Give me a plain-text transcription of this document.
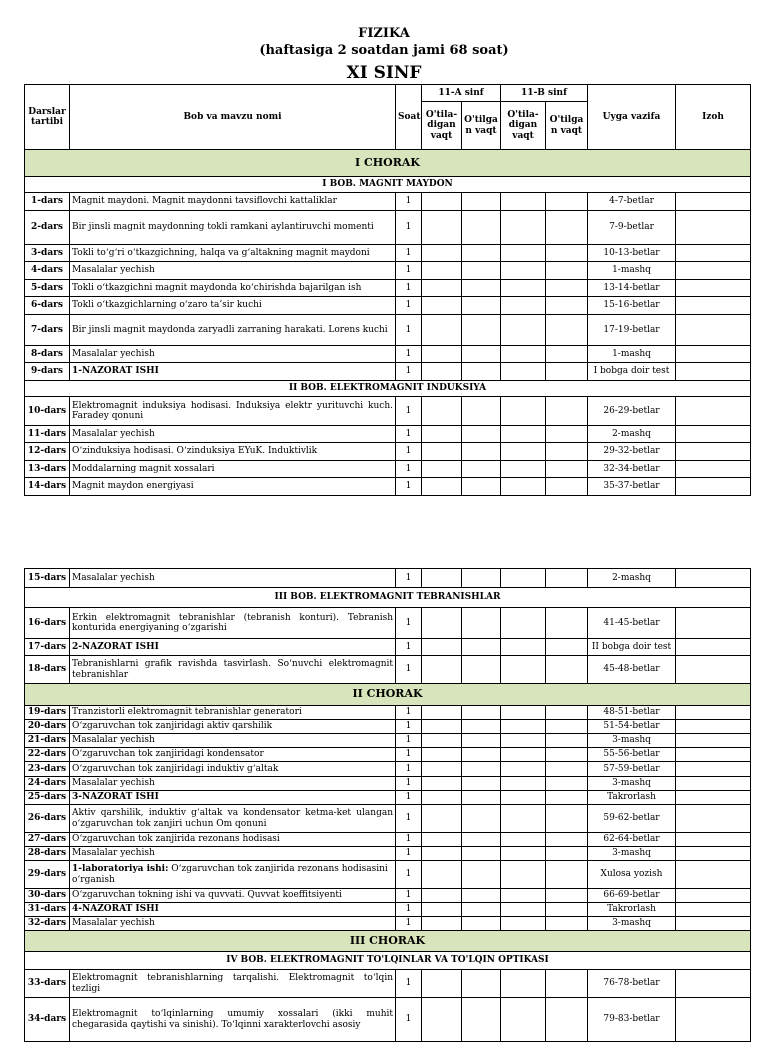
FIZIKA
(haftasiga 2 soatdan jami 68 soat)
XI SINF
Darslar tartibi	Bob va mavzu nomi	Soat	11-A sinf		11-B sinf		Uyga vazifa	Izoh
			O'tila-digan vaqt	O'tilga n vaqt	O'tila-digan vaqt	O'tilga n vaqt		
I CHORAK								
I BOB. MAGNIT MAYDON								
1-dars	Magnit maydoni. Magnit maydonni tavsiflovchi kattaliklar	1					4-7-betlar	
2-dars	Bir jinsli magnit maydonning tokli ramkani aylantiruvchi momenti	1					7-9-betlar	
3-dars	Tokli to‘g‘ri o‘tkazgichning, halqa va g‘altakning magnit maydoni	1					10-13-betlar	
4-dars	Masalalar yechish	1					1-mashq	
5-dars	Tokli o‘tkazgichni magnit maydonda ko‘chirishda bajarilgan ish	1					13-14-betlar	
6-dars	Tokli o‘tkazgichlarning o‘zaro ta’sir kuchi	1					15-16-betlar	
7-dars	Bir jinsli magnit maydonda zaryadli zarraning harakati. Lorens kuchi	1					17-19-betlar	
8-dars	Masalalar yechish	1					1-mashq	
9-dars	1-NAZORAT ISHI	1					I bobga doir test	
II BOB. ELEKTROMAGNIT INDUKSIYA								
10-dars	Elektromagnit induksiya hodisasi. Induksiya elektr yurituvchi kuch. Faradey qonuni	1					26-29-betlar	
11-dars	Masalalar yechish	1					2-mashq	
12-dars	O‘zinduksiya hodisasi. O‘zinduksiya EYuK. Induktivlik	1					29-32-betlar	
13-dars	Moddalarning magnit xossalari	1					32-34-betlar	
14-dars	Magnit maydon energiyasi	1					35-37-betlar	
15-dars	Masalalar yechish	1					2-mashq	
III BOB. ELEKTROMAGNIT TEBRANISHLAR								
16-dars	Erkin elektromagnit tebranishlar (tebranish konturi). Tebranish konturida energiyaning o‘zgarishi	1					41-45-betlar	
17-dars	2-NAZORAT ISHI	1					II bobga doir test	
18-dars	Tebranishlarni grafik ravishda tasvirlash. So‘nuvchi elektromagnit tebranishlar	1					45-48-betlar	
II CHORAK								
19-dars	Tranzistorli elektromagnit tebranishlar generatori	1					48-51-betlar	
20-dars	O‘zgaruvchan tok zanjiridagi aktiv qarshilik	1					51-54-betlar	
21-dars	Masalalar yechish	1					3-mashq	
22-dars	O‘zgaruvchan tok zanjiridagi kondensator	1					55-56-betlar	
23-dars	O‘zgaruvchan tok zanjiridagi induktiv g‘altak	1					57-59-betlar	
24-dars	Masalalar yechish	1					3-mashq	
25-dars	3-NAZORAT ISHI	1					Takrorlash	
26-dars	Aktiv qarshilik, induktiv g‘altak va kondensator ketma-ket ulangan o‘zgaruvchan tok zanjiri uchun Om qonuni	1					59-62-betlar	
27-dars	O‘zgaruvchan tok zanjirida rezonans hodisasi	1					62-64-betlar	
28-dars	Masalalar yechish	1					3-mashq	
29-dars	1-laboratoriya ishi: O‘zgaruvchan tok zanjirida rezonans hodisasini o‘rganish	1					Xulosa yozish	
30-dars	O‘zgaruvchan tokning ishi va quvvati. Quvvat koeffitsiyenti	1					66-69-betlar	
31-dars	4-NAZORAT ISHI	1					Takrorlash	
32-dars	Masalalar yechish	1					3-mashq	
III CHORAK								
IV BOB. ELEKTROMAGNIT TO'LQINLAR VA TO'LQIN OPTIKASI								
33-dars	Elektromagnit tebranishlarning tarqalishi. Elektromagnit to‘lqin tezligi	1					76-78-betlar	
34-dars	Elektromagnit to‘lqinlarning umumiy xossalari (ikki muhit chegarasida qaytishi va sinishi). To‘lqinni xarakterlovchi asosiy	1					79-83-betlar	
